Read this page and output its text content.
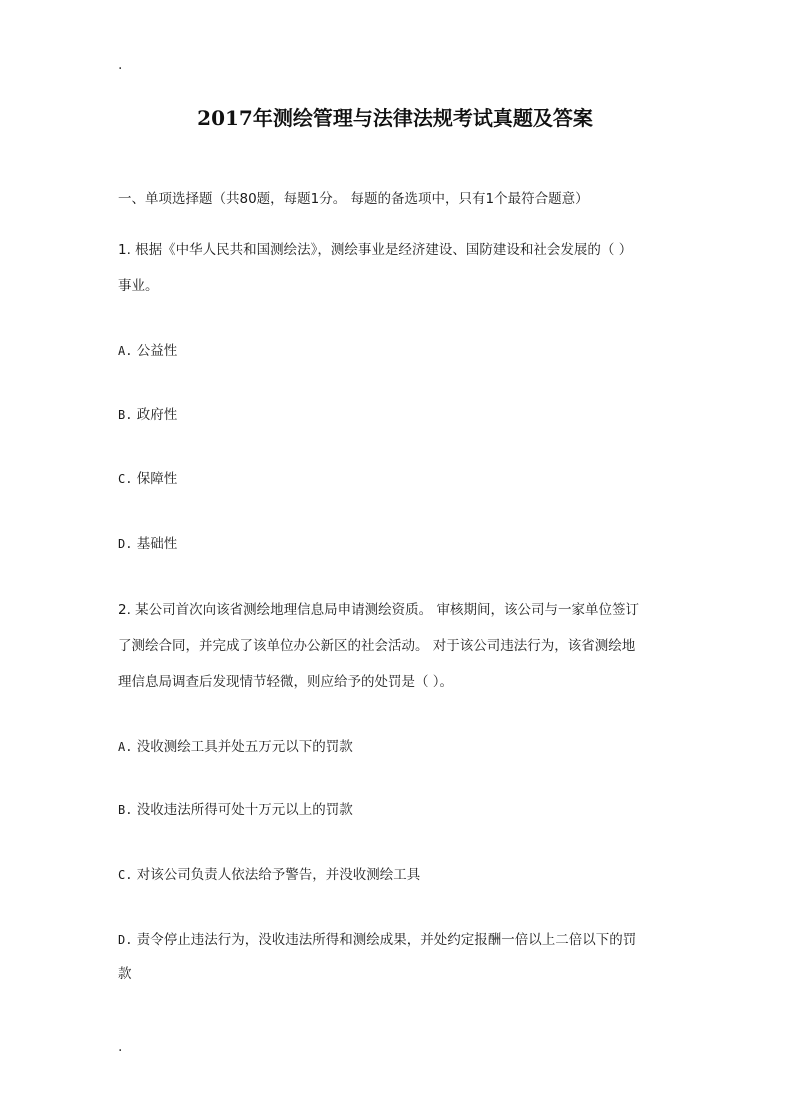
.
2017年测绘管理与法律法规考试真题及答案
一、单项选择题（共80题，每题1分。 每题的备选项中，只有1个最符合题意）
1. 根据《中华人民共和国测绘法》，测绘事业是经济建设、国防建设和社会发展的（ ）
事业。
A. 公益性
B. 政府性
C. 保障性
D. 基础性
2. 某公司首次向该省测绘地理信息局申请测绘资质。 审核期间，该公司与一家单位签订
了测绘合同，并完成了该单位办公新区的社会活动。 对于该公司违法行为，该省测绘地
理信息局调查后发现情节轻微，则应给予的处罚是（ ）。
A. 没收测绘工具并处五万元以下的罚款
B. 没收违法所得可处十万元以上的罚款
C. 对该公司负责人依法给予警告，并没收测绘工具
D. 责令停止违法行为，没收违法所得和测绘成果，并处约定报酬一倍以上二倍以下的罚
款
.
